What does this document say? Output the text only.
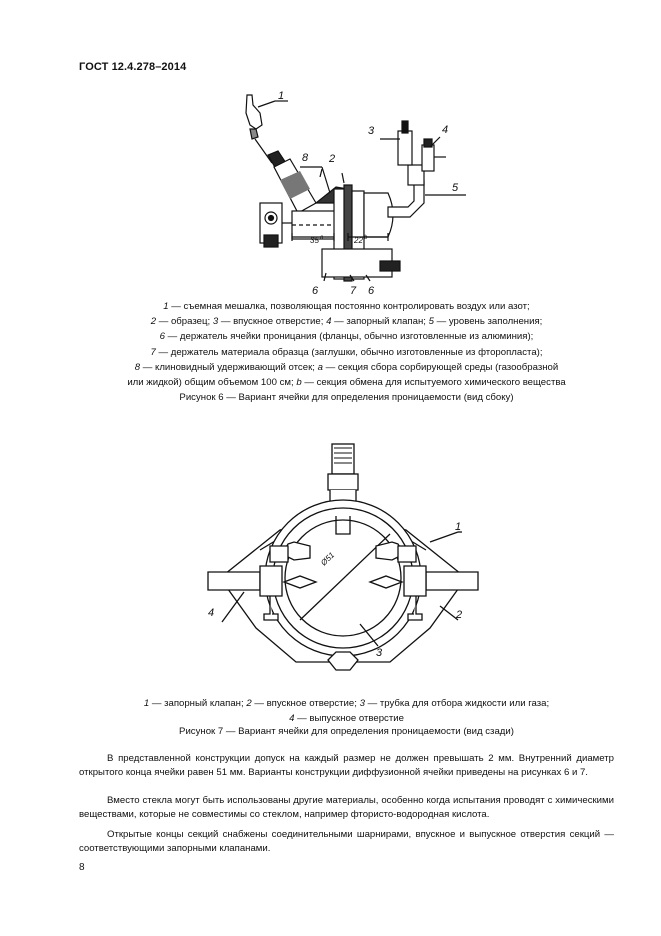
ГОСТ 12.4.278–2014
1
2
3	4
5
6	6
7
8
35 a	22 b
1 — съемная мешалка, позволяющая постоянно контролировать воздух или азот;
2 — образец; 3 — впускное отверстие; 4 — запорный клапан; 5 — уровень заполнения;
6 — держатель ячейки проницания (фланцы, обычно изготовленные из алюминия);
7 — держатель материала образца (заглушки, обычно изготовленные из фторопласта);
8 — клиновидный удерживающий отсек; a — секция сбора сорбирующей среды (газообразной
или жидкой) общим объемом 100 см; b — секция обмена для испытуемого химического вещества
Рисунок 6 — Вариант ячейки для определения проницаемости (вид сбоку)
1
2
3
4
Ø51
1 — запорный клапан; 2 — впускное отверстие; 3 — трубка для отбора жидкости или газа;
4 — выпускное отверстие
Рисунок 7 — Вариант ячейки для определения проницаемости (вид сзади)
В представленной конструкции допуск на каждый размер не должен превышать 2 мм. Внутренний диаметр открытого конца ячейки равен 51 мм. Варианты конструкции диффузионной ячейки приведены на рисунках 6 и 7.
Вместо стекла могут быть использованы другие материалы, особенно когда испытания проводят с химическими веществами, которые не совместимы со стеклом, например фтористо-водородная кислота.
Открытые концы секций снабжены соединительными шарнирами, впускное и выпускное отверстия секций — соответствующими запорными клапанами.
8
